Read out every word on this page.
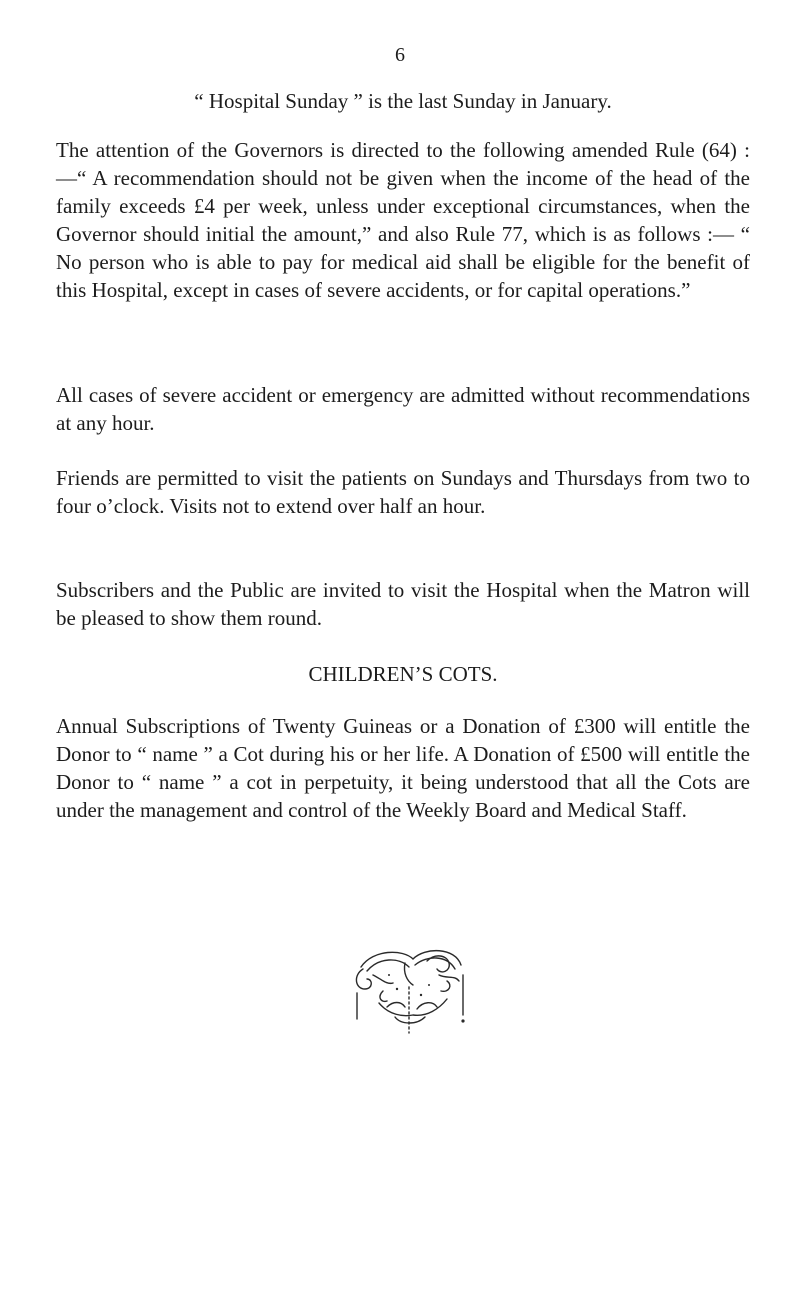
6

“ Hospital Sunday ” is the last Sunday in January.

The attention of the Governors is directed to the following amended Rule (64) :—“ A recommendation should not be given when the income of the head of the family exceeds £4 per week, unless under exceptional circumstances, when the Governor should initial the amount,” and also Rule 77, which is as follows :— “ No person who is able to pay for medical aid shall be eligible for the benefit of this Hospital, except in cases of severe accidents, or for capital operations.”

All cases of severe accident or emergency are admitted without recommendations at any hour.

Friends are permitted to visit the patients on Sundays and Thursdays from two to four o’clock. Visits not to extend over half an hour.

Subscribers and the Public are invited to visit the Hospital when the Matron will be pleased to show them round.

CHILDREN’S COTS.

Annual Subscriptions of Twenty Guineas or a Donation of £300 will entitle the Donor to “ name ” a Cot during his or her life. A Donation of £500 will entitle the Donor to “ name ” a cot in perpetuity, it being understood that all the Cots are under the management and control of the Weekly Board and Medical Staff.
